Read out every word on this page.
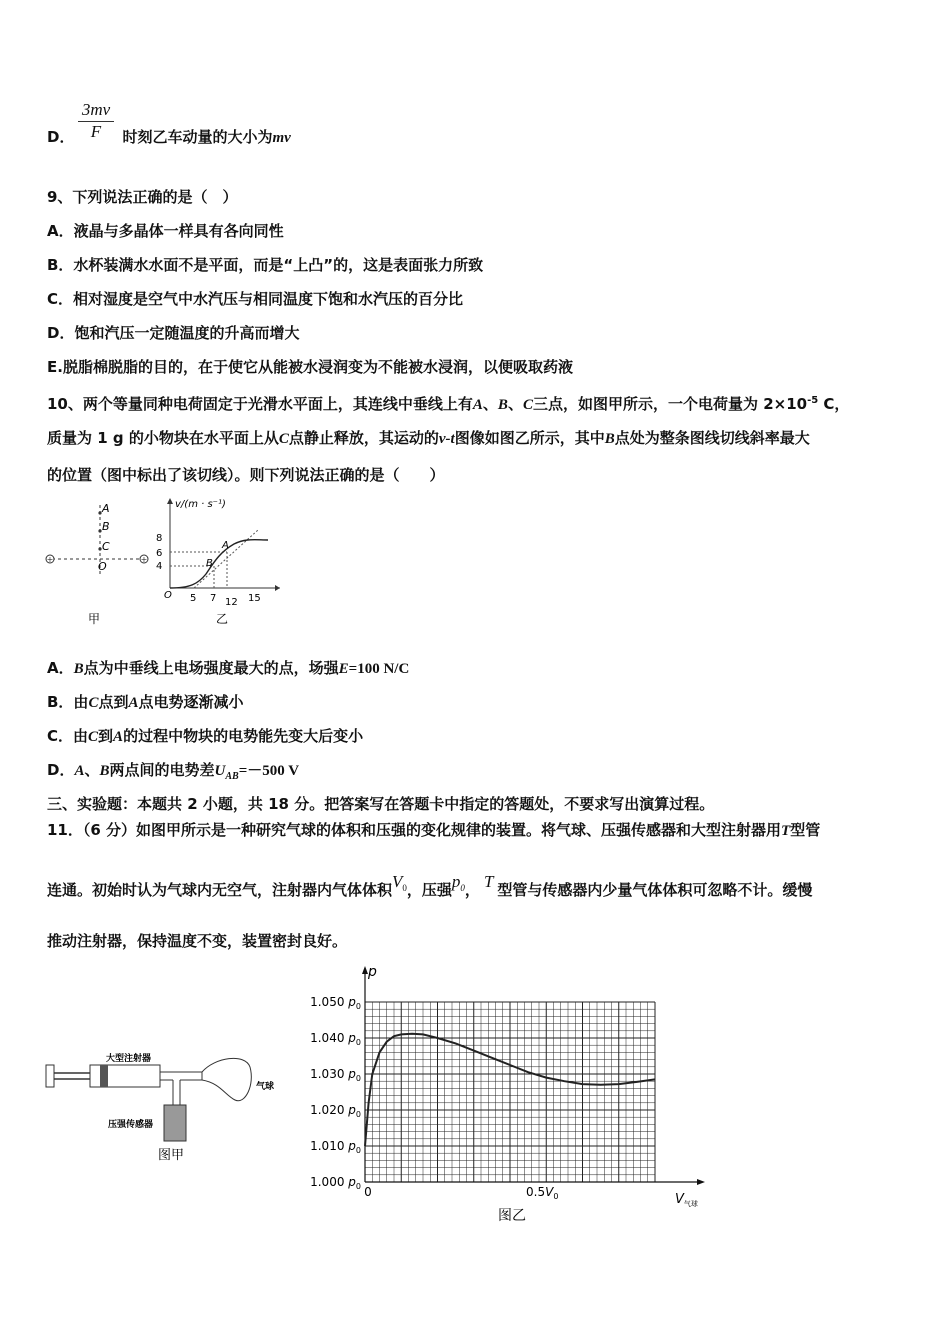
$\frac{3mv}{F}$
D．	时刻乙车动量的大小为mv
9、下列说法正确的是（　）
A．液晶与多晶体一样具有各向同性
B．水杯装满水水面不是平面，而是“上凸”的，这是表面张力所致
C．相对湿度是空气中水汽压与相同温度下饱和水汽压的百分比
D．饱和汽压一定随温度的升高而增大
E.脱脂棉脱脂的目的，在于使它从能被水浸润变为不能被水浸润，以便吸取药液
10、两个等量同种电荷固定于光滑水平面上，其连线中垂线上有A、B、C三点，如图甲所示，一个电荷量为 $2\times 10^{-5}$ C，
质量为 1 g 的小物块在水平面上从C点静止释放，其运动的v-t图像如图乙所示，其中B点处为整条图线切线斜率最大
的位置（图中标出了该切线）。则下列说法正确的是（　　）
+	+
A
B
C
O
甲
v/(m · s⁻¹)
8
6
4
O 5 7 12 15
A
B
乙
A．B点为中垂线上电场强度最大的点，场强E=100 N/C
B．由C点到A点电势逐渐减小
C．由C到A的过程中物块的电势能先变大后变小
D．A、B两点间的电势差$U_{AB}=-500$ V
三、实验题：本题共 2 小题，共 18 分。把答案写在答题卡中指定的答题处，不要求写出演算过程。
11．（6 分）如图甲所示是一种研究气球的体积和压强的变化规律的装置。将气球、压强传感器和大型注射器用T型管
连通。初始时认为气球内无空气，注射器内气体体积$V_0$，压强$p_0$， T 型管与传感器内少量气体体积可忽略不计。缓慢
推动注射器，保持温度不变，装置密封良好。
大型注射器
气球
压强传感器
图甲
1.050 $p_0$
1.040 $p_0$
1.030 $p_0$
1.020 $p_0$
1.010 $p_0$
1.000 $p_0$ 0	$0.5V_0$
p
$V_{气球}$
图乙
